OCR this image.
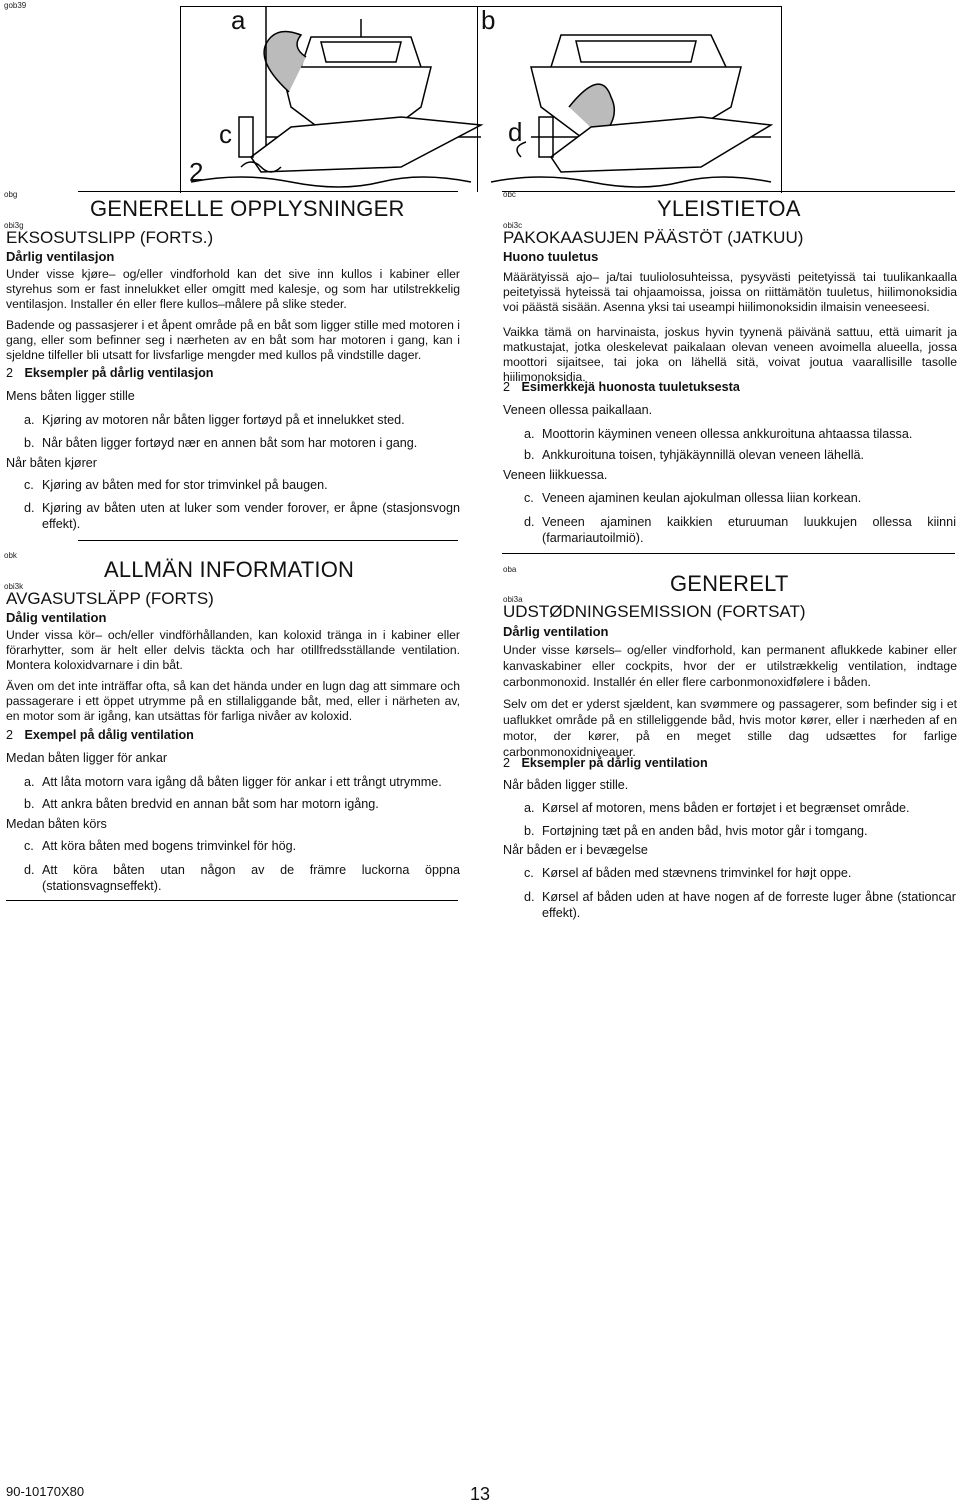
gob39	a	b
c	d
2
obg
GENERELLE OPPLYSNINGER
obi3g
EKSOSUTSLIPP (FORTS.)
Dårlig ventilasjon

Under visse kjøre– og/eller vindforhold kan det sive inn kullos i kabiner eller styrehus som er fast innelukket eller omgitt med kalesje, og som har utilstrekkelig ventilasjon. Installer én eller flere kullos–målere på slike steder.

Badende og passasjerer i et åpent område på en båt som ligger stille med motoren i gang, eller som befinner seg i nærheten av en båt som har motoren i gang, kan i sjeldne tilfeller bli utsatt for livsfarlige mengder med kullos på vindstille dager.

2 Eksempler på dårlig ventilasjon
Mens båten ligger stille
a. Kjøring av motoren når båten ligger fortøyd på et innelukket sted.
b. Når båten ligger fortøyd nær en annen båt som har motoren i gang.
Når båten kjører
c. Kjøring av båten med for stor trimvinkel på baugen.
d. Kjøring av båten uten at luker som vender forover, er åpne (stasjonsvogn effekt).
obk
ALLMÄN INFORMATION
obi3k
AVGASUTSLÄPP (FORTS)
Dålig ventilation

Under vissa kör– och/eller vindförhållanden, kan koloxid tränga in i kabiner eller förarhytter, som är helt eller delvis täckta och har otillfredsställande ventilation. Montera koloxidvarnare i din båt.

Även om det inte inträffar ofta, så kan det hända under en lugn dag att simmare och passagerare i ett öppet utrymme på en stillaliggande båt, med, eller i närheten av, en motor som är igång, kan utsättas för farliga nivåer av koloxid.

2 Exempel på dålig ventilation
Medan båten ligger för ankar
a. Att låta motorn vara igång då båten ligger för ankar i ett trångt utrymme.
b. Att ankra båten bredvid en annan båt som har motorn igång.
Medan båten körs
c. Att köra båten med bogens trimvinkel för hög.
d. Att köra båten utan någon av de främre luckorna öppna (stationsvagnseffekt).
obc
YLEISTIETOA
obi3c
PAKOKAASUJEN PÄÄSTÖT (JATKUU)
Huono tuuletus

Määrätyissä ajo– ja/tai tuuliolosuhteissa, pysyvästi peitetyissä tai tuulikankaalla peitetyissä hyteissä tai ohjaamoissa, joissa on riittämätön tuuletus, hiilimonoksidia voi päästä sisään. Asenna yksi tai useampi hiilimonoksidin ilmaisin veneeseesi.

Vaikka tämä on harvinaista, joskus hyvin tyynenä päivänä sattuu, että uimarit ja matkustajat, jotka oleskelevat paikalaan olevan veneen avoimella alueella, jossa moottori sijaitsee, tai joka on lähellä sitä, voivat joutua vaarallisille tasolle hiilimonoksidia.

2 Esimerkkejä huonosta tuuletuksesta
Veneen ollessa paikallaan.
a. Moottorin käyminen veneen ollessa ankkuroituna ahtaassa tilassa.
b. Ankkuroituna toisen, tyhjäkäynnillä olevan veneen lähellä.
Veneen liikkuessa.
c. Veneen ajaminen keulan ajokulman ollessa liian korkean.
d. Veneen ajaminen kaikkien eturuuman luukkujen ollessa kiinni (farmariautoilmiö).
oba
GENERELT
obi3a
UDSTØDNINGSEMISSION (FORTSAT)
Dårlig ventilation

Under visse kørsels– og/eller vindforhold, kan permanent aflukkede kabiner eller kanvaskabiner eller cockpits, hvor der er utilstrækkelig ventilation, indtage carbonmonoxid. Installér én eller flere carbonmonoxidfølere i båden.

Selv om det er yderst sjældent, kan svømmere og passagerer, som befinder sig i et uaflukket område på en stilleliggende båd, hvis motor kører, eller i nærheden af en motor, der kører, på en meget stille dag udsættes for farlige carbonmonoxidniveauer.

2 Eksempler på dårlig ventilation
Når båden ligger stille.
a. Kørsel af motoren, mens båden er fortøjet i et begrænset område.
b. Fortøjning tæt på en anden båd, hvis motor går i tomgang.
Når båden er i bevægelse
c. Kørsel af båden med stævnens trimvinkel for højt oppe.
d. Kørsel af båden uden at have nogen af de forreste luger åbne (stationcar effekt).
90-10170X80	13
